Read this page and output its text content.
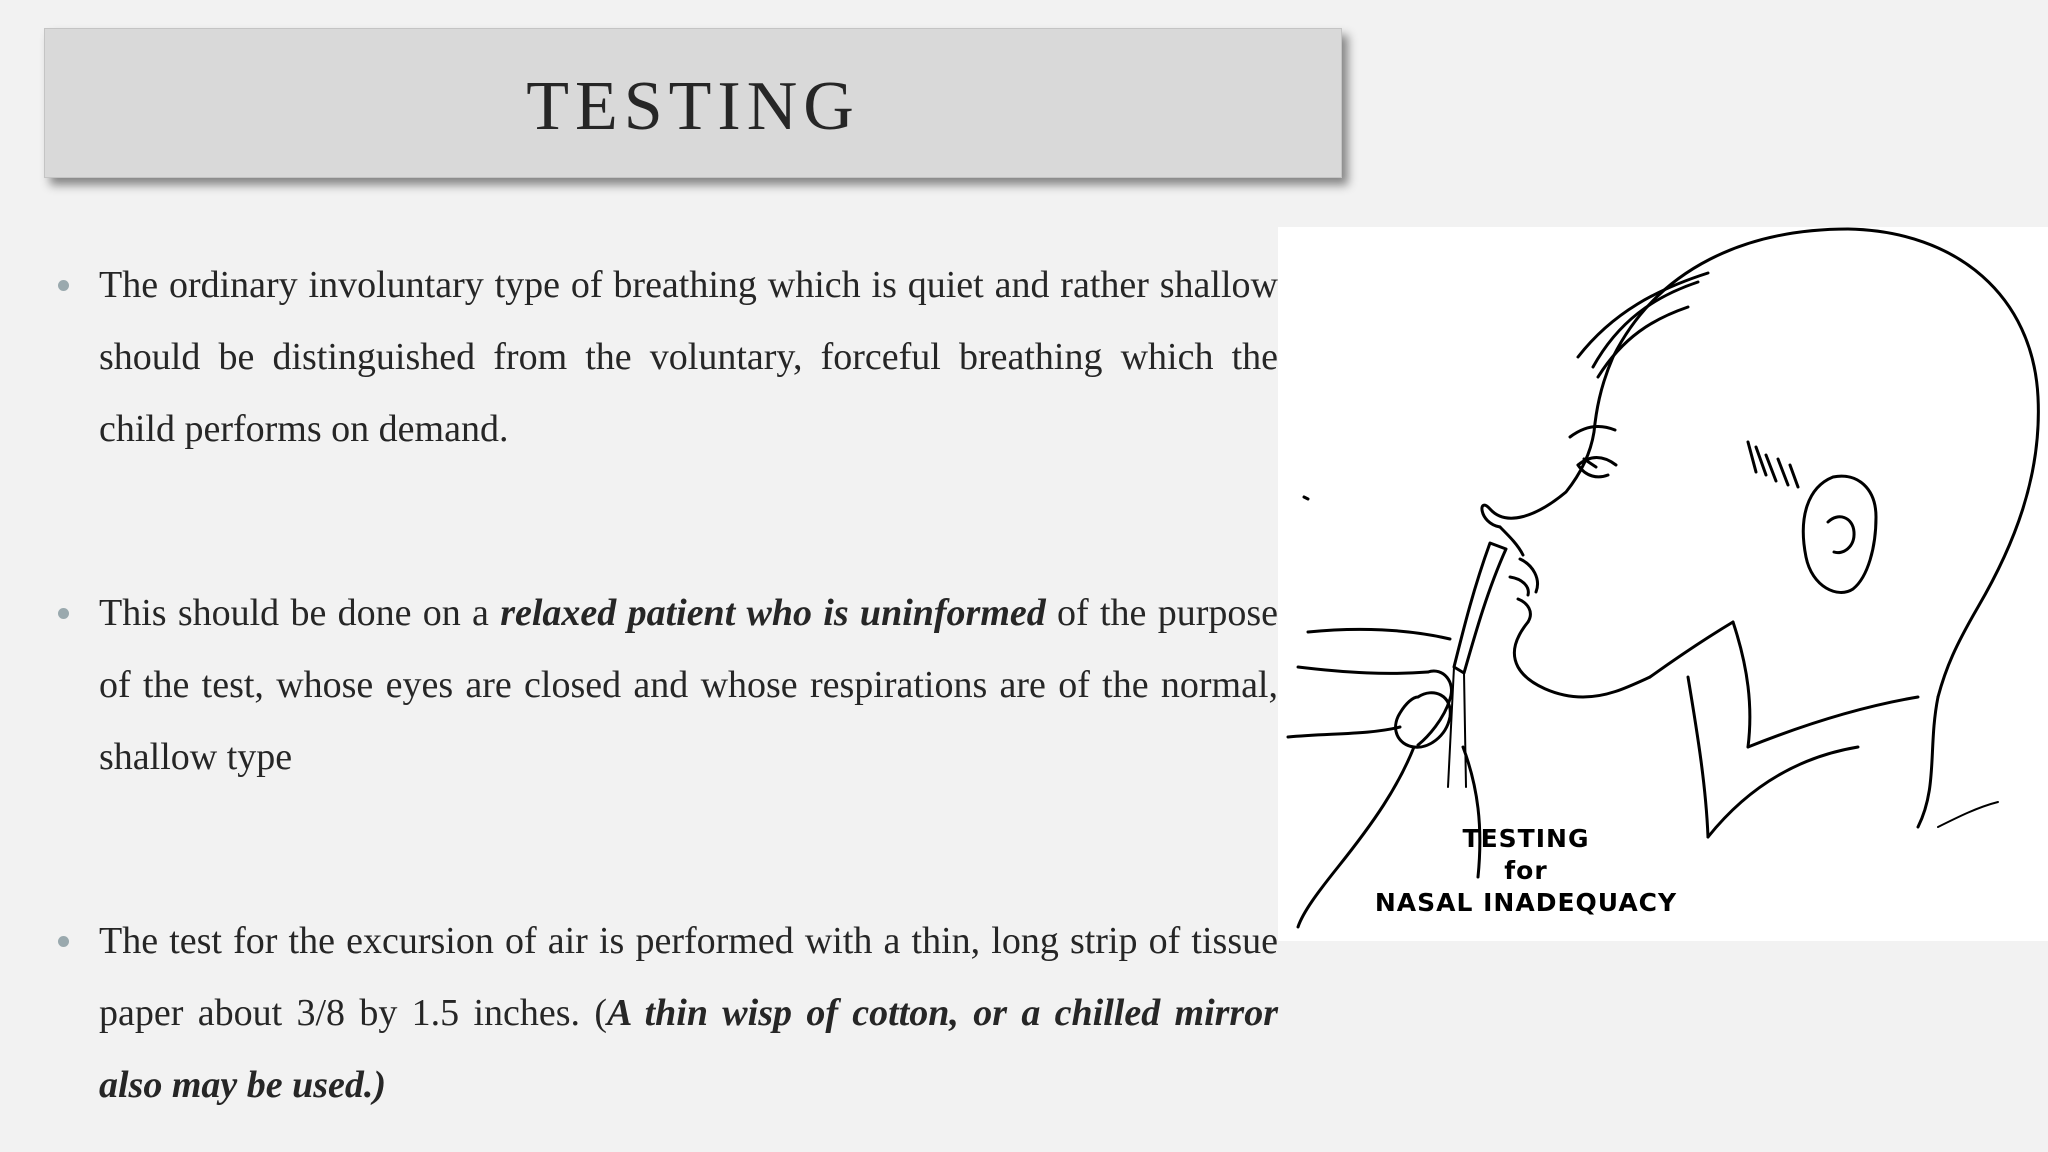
TESTING
The ordinary involuntary type of breathing which is quiet and rather shallow should be distinguished from the voluntary, forceful breathing which the child performs on demand.
This should be done on a relaxed patient who is uninformed of the purpose of the test, whose eyes are closed and whose respirations are of the normal, shallow type
The test for the excursion of air is performed with a thin, long strip of tissue paper about 3/8 by 1.5 inches. (A thin wisp of cotton, or a chilled mirror also may be used.)
TESTING
for
NASAL INADEQUACY
